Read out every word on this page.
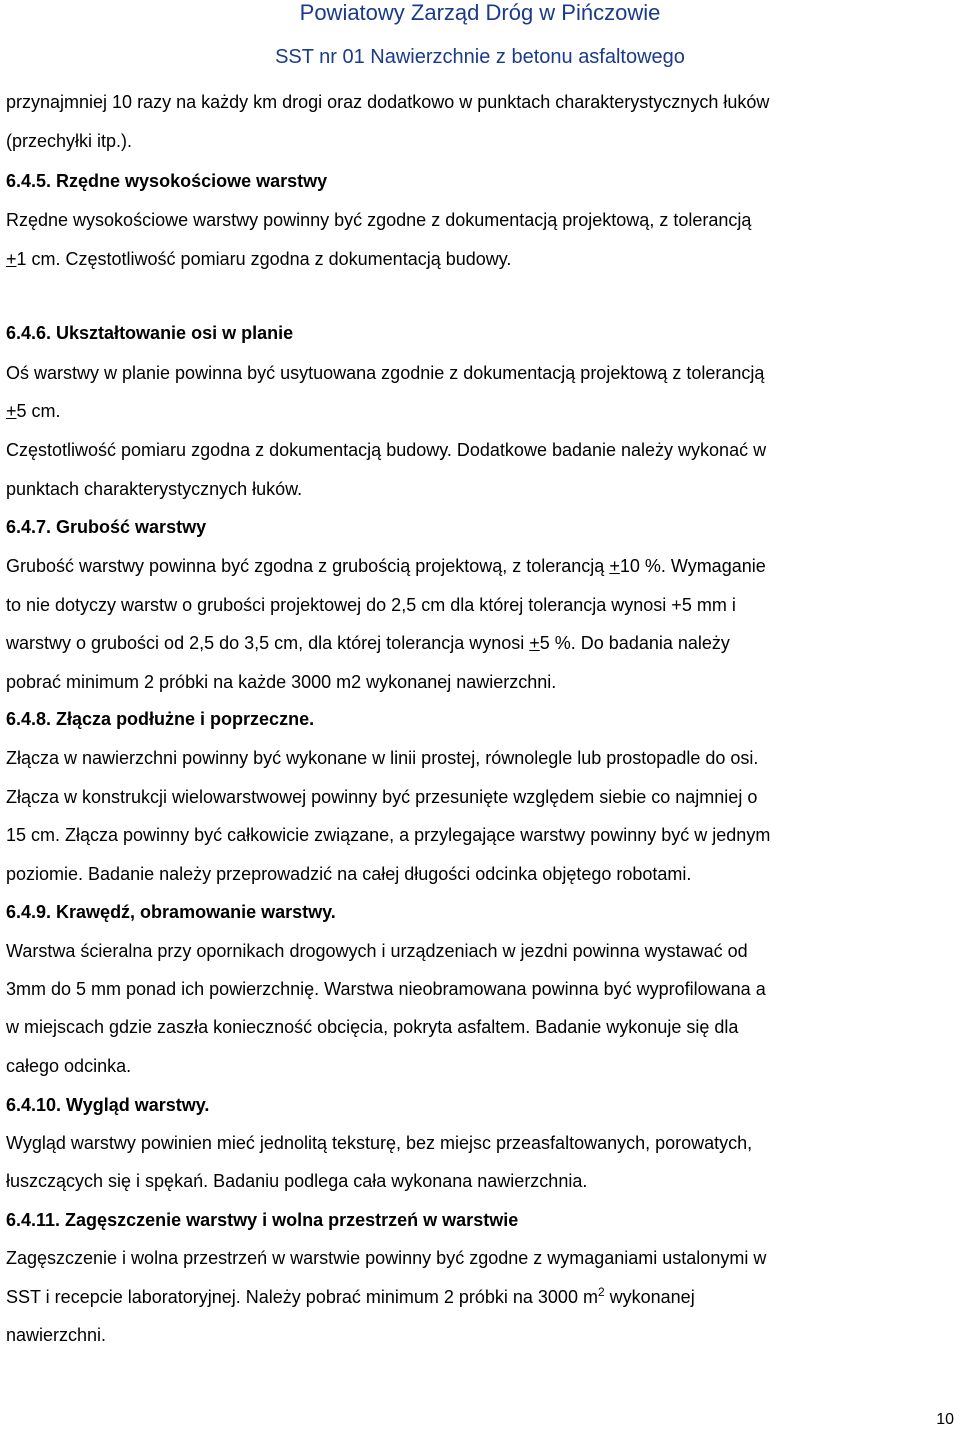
Powiatowy Zarząd Dróg w Pińczowie
SST nr 01 Nawierzchnie z betonu asfaltowego
przynajmniej 10 razy na każdy km drogi oraz dodatkowo w punktach charakterystycznych łuków
(przechyłki itp.).
6.4.5. Rzędne wysokościowe warstwy
Rzędne wysokościowe warstwy powinny być zgodne z dokumentacją projektową, z tolerancją
+1 cm. Częstotliwość pomiaru zgodna z dokumentacją budowy.
6.4.6. Ukształtowanie osi w planie
Oś warstwy w planie powinna być usytuowana zgodnie z dokumentacją projektową z tolerancją
+5 cm.
Częstotliwość pomiaru zgodna z dokumentacją budowy. Dodatkowe badanie należy wykonać w
punktach charakterystycznych łuków.
6.4.7. Grubość warstwy
Grubość warstwy powinna być zgodna z grubością projektową, z tolerancją +10 %. Wymaganie
to nie dotyczy warstw o grubości projektowej do 2,5 cm dla której tolerancja wynosi +5 mm i
warstwy o grubości od 2,5 do 3,5 cm, dla której tolerancja wynosi +5 %. Do badania należy
pobrać minimum 2 próbki na każde 3000 m2 wykonanej nawierzchni.
6.4.8. Złącza podłużne i poprzeczne.
Złącza w nawierzchni powinny być wykonane w linii prostej, równolegle lub prostopadle do osi.
Złącza w konstrukcji wielowarstwowej powinny być przesunięte względem siebie co najmniej o
15 cm. Złącza powinny być całkowicie związane, a przylegające warstwy powinny być w jednym
poziomie. Badanie należy przeprowadzić na całej długości odcinka objętego robotami.
6.4.9. Krawędź, obramowanie warstwy.
Warstwa ścieralna przy opornikach drogowych i urządzeniach w jezdni powinna wystawać od
3mm do 5 mm ponad ich powierzchnię. Warstwa nieobramowana powinna być wyprofilowana a
w miejscach gdzie zaszła konieczność obcięcia, pokryta asfaltem. Badanie wykonuje się dla
całego odcinka.
6.4.10. Wygląd warstwy.
Wygląd warstwy powinien mieć jednolitą teksturę, bez miejsc przeasfaltowanych, porowatych,
łuszczących się i spękań. Badaniu podlega cała wykonana nawierzchnia.
6.4.11. Zagęszczenie warstwy i wolna przestrzeń w warstwie
Zagęszczenie i wolna przestrzeń w warstwie powinny być zgodne z wymaganiami ustalonymi w
SST i recepcie laboratoryjnej. Należy pobrać minimum 2 próbki na 3000 $m^2$ wykonanej
nawierzchni.
10
